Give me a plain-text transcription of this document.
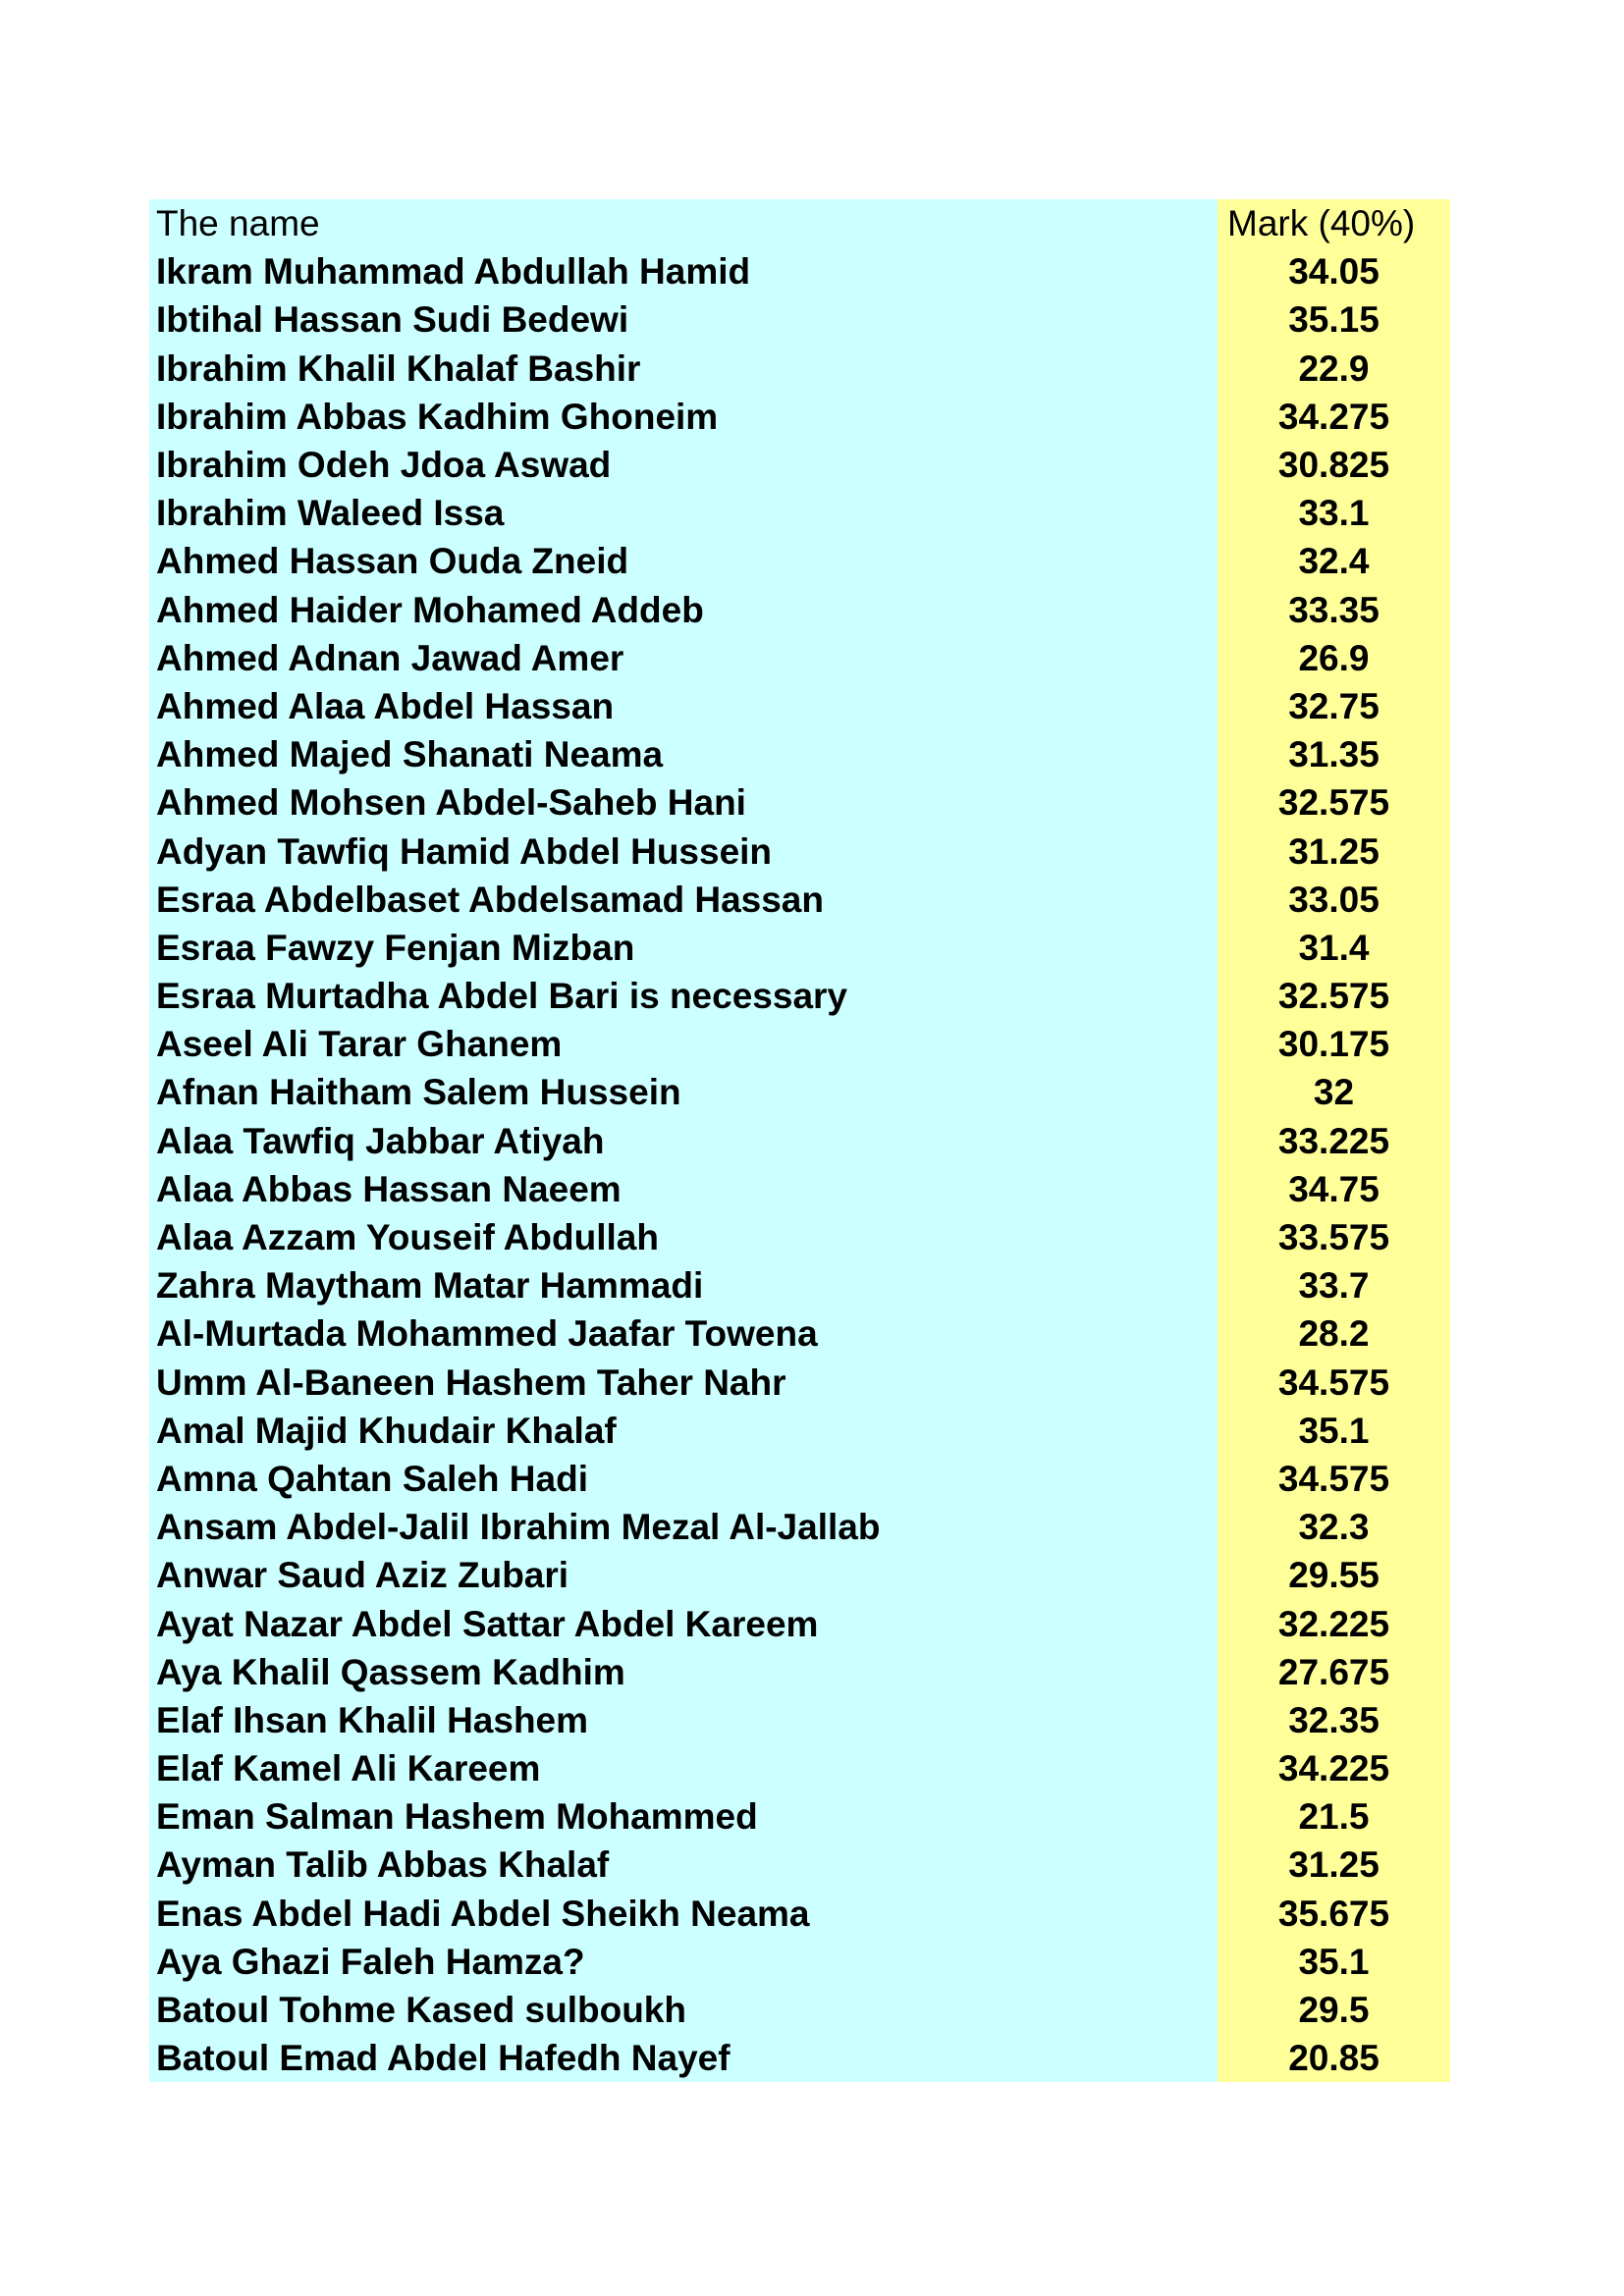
The name	Mark (40%)
Ikram Muhammad Abdullah Hamid	34.05
Ibtihal Hassan Sudi Bedewi	35.15
Ibrahim Khalil Khalaf Bashir	22.9
Ibrahim Abbas Kadhim Ghoneim	34.275
Ibrahim Odeh Jdoa Aswad	30.825
Ibrahim Waleed Issa	33.1
Ahmed Hassan Ouda Zneid	32.4
Ahmed Haider Mohamed Addeb	33.35
Ahmed Adnan Jawad Amer	26.9
Ahmed Alaa Abdel Hassan	32.75
Ahmed Majed Shanati Neama	31.35
Ahmed Mohsen Abdel-Saheb Hani	32.575
Adyan Tawfiq Hamid Abdel Hussein	31.25
Esraa Abdelbaset Abdelsamad Hassan	33.05
Esraa Fawzy Fenjan Mizban	31.4
Esraa Murtadha Abdel Bari is necessary	32.575
Aseel Ali Tarar Ghanem	30.175
Afnan Haitham Salem Hussein	32
Alaa Tawfiq Jabbar Atiyah	33.225
Alaa Abbas Hassan Naeem	34.75
Alaa Azzam Youseif Abdullah	33.575
Zahra Maytham Matar Hammadi	33.7
Al-Murtada Mohammed Jaafar Towena	28.2
Umm Al-Baneen Hashem Taher Nahr	34.575
Amal Majid Khudair Khalaf	35.1
Amna Qahtan Saleh Hadi	34.575
Ansam Abdel-Jalil Ibrahim Mezal Al-Jallab	32.3
Anwar Saud Aziz Zubari	29.55
Ayat Nazar Abdel Sattar Abdel Kareem	32.225
Aya Khalil Qassem Kadhim	27.675
Elaf Ihsan Khalil Hashem	32.35
Elaf Kamel Ali Kareem	34.225
Eman Salman Hashem Mohammed	21.5
Ayman Talib Abbas Khalaf	31.25
Enas Abdel Hadi Abdel Sheikh Neama	35.675
Aya Ghazi Faleh Hamza?	35.1
Batoul Tohme Kased sulboukh	29.5
Batoul Emad Abdel Hafedh Nayef	20.85
